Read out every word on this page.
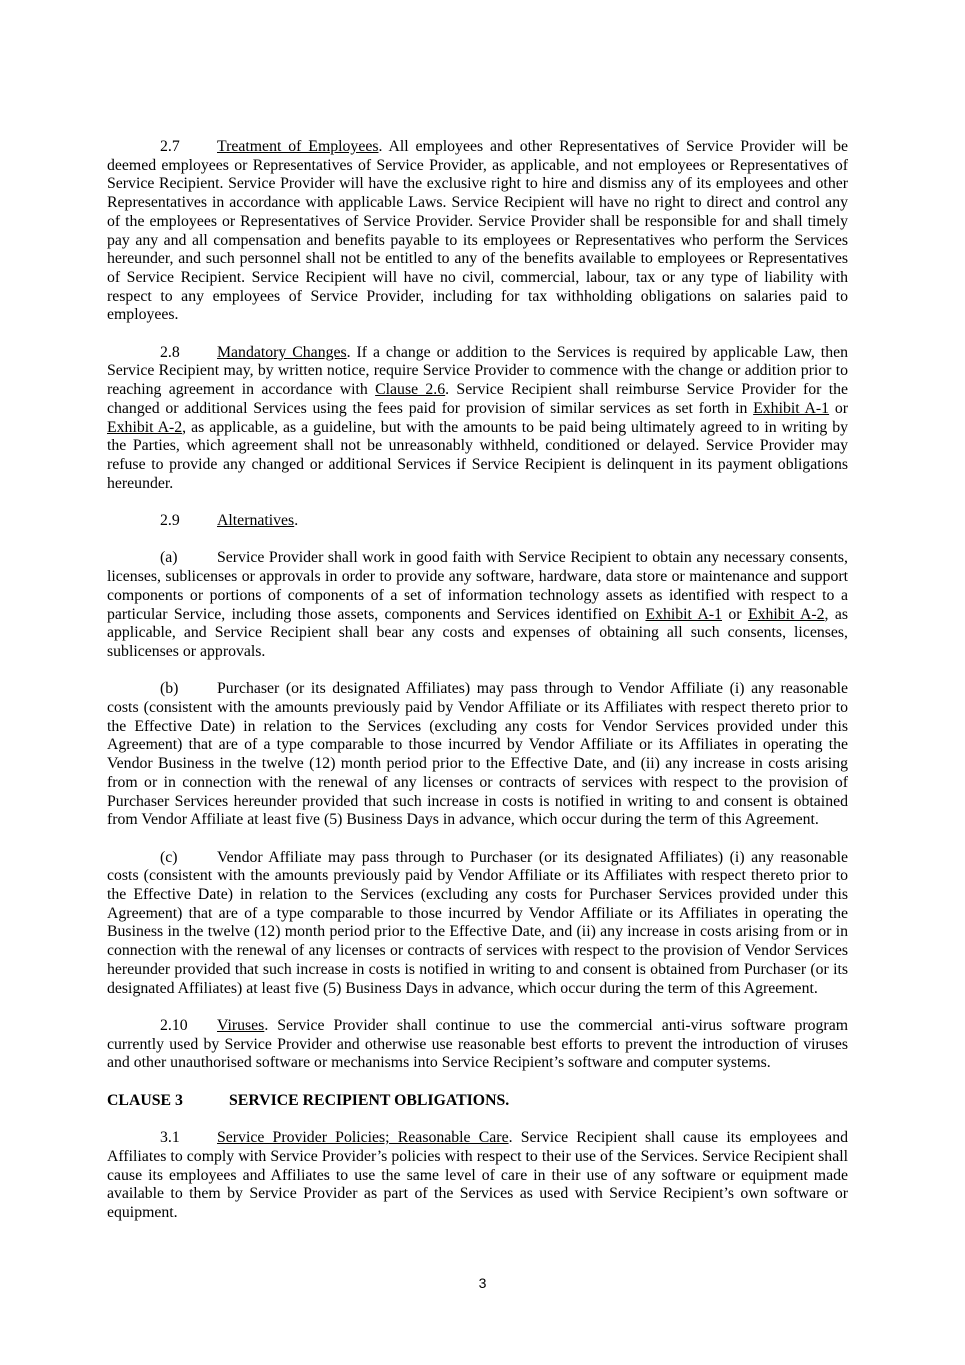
2.7 Treatment of Employees. All employees and other Representatives of Service Provider will be deemed employees or Representatives of Service Provider, as applicable, and not employees or Representatives of Service Recipient. Service Provider will have the exclusive right to hire and dismiss any of its employees and other Representatives in accordance with applicable Laws. Service Recipient will have no right to direct and control any of the employees or Representatives of Service Provider. Service Provider shall be responsible for and shall timely pay any and all compensation and benefits payable to its employees or Representatives who perform the Services hereunder, and such personnel shall not be entitled to any of the benefits available to employees or Representatives of Service Recipient. Service Recipient will have no civil, commercial, labour, tax or any type of liability with respect to any employees of Service Provider, including for tax withholding obligations on salaries paid to employees.

2.8 Mandatory Changes. If a change or addition to the Services is required by applicable Law, then Service Recipient may, by written notice, require Service Provider to commence with the change or addition prior to reaching agreement in accordance with Clause 2.6. Service Recipient shall reimburse Service Provider for the changed or additional Services using the fees paid for provision of similar services as set forth in Exhibit A-1 or Exhibit A-2, as applicable, as a guideline, but with the amounts to be paid being ultimately agreed to in writing by the Parties, which agreement shall not be unreasonably withheld, conditioned or delayed. Service Provider may refuse to provide any changed or additional Services if Service Recipient is delinquent in its payment obligations hereunder.

2.9 Alternatives.

(a) Service Provider shall work in good faith with Service Recipient to obtain any necessary consents, licenses, sublicenses or approvals in order to provide any software, hardware, data store or maintenance and support components or portions of components of a set of information technology assets as identified with respect to a particular Service, including those assets, components and Services identified on Exhibit A-1 or Exhibit A-2, as applicable, and Service Recipient shall bear any costs and expenses of obtaining all such consents, licenses, sublicenses or approvals.

(b) Purchaser (or its designated Affiliates) may pass through to Vendor Affiliate (i) any reasonable costs (consistent with the amounts previously paid by Vendor Affiliate or its Affiliates with respect thereto prior to the Effective Date) in relation to the Services (excluding any costs for Vendor Services provided under this Agreement) that are of a type comparable to those incurred by Vendor Affiliate or its Affiliates in operating the Vendor Business in the twelve (12) month period prior to the Effective Date, and (ii) any increase in costs arising from or in connection with the renewal of any licenses or contracts of services with respect to the provision of Purchaser Services hereunder provided that such increase in costs is notified in writing to and consent is obtained from Vendor Affiliate at least five (5) Business Days in advance, which occur during the term of this Agreement.

(c) Vendor Affiliate may pass through to Purchaser (or its designated Affiliates) (i) any reasonable costs (consistent with the amounts previously paid by Vendor Affiliate or its Affiliates with respect thereto prior to the Effective Date) in relation to the Services (excluding any costs for Purchaser Services provided under this Agreement) that are of a type comparable to those incurred by Vendor Affiliate or its Affiliates in operating the Business in the twelve (12) month period prior to the Effective Date, and (ii) any increase in costs arising from or in connection with the renewal of any licenses or contracts of services with respect to the provision of Vendor Services hereunder provided that such increase in costs is notified in writing to and consent is obtained from Purchaser (or its designated Affiliates) at least five (5) Business Days in advance, which occur during the term of this Agreement.

2.10 Viruses. Service Provider shall continue to use the commercial anti-virus software program currently used by Service Provider and otherwise use reasonable best efforts to prevent the introduction of viruses and other unauthorised software or mechanisms into Service Recipient’s software and computer systems.

CLAUSE 3	SERVICE RECIPIENT OBLIGATIONS.

3.1 Service Provider Policies; Reasonable Care. Service Recipient shall cause its employees and Affiliates to comply with Service Provider’s policies with respect to their use of the Services. Service Recipient shall cause its employees and Affiliates to use the same level of care in their use of any software or equipment made available to them by Service Provider as part of the Services as used with Service Recipient’s own software or equipment.

3
